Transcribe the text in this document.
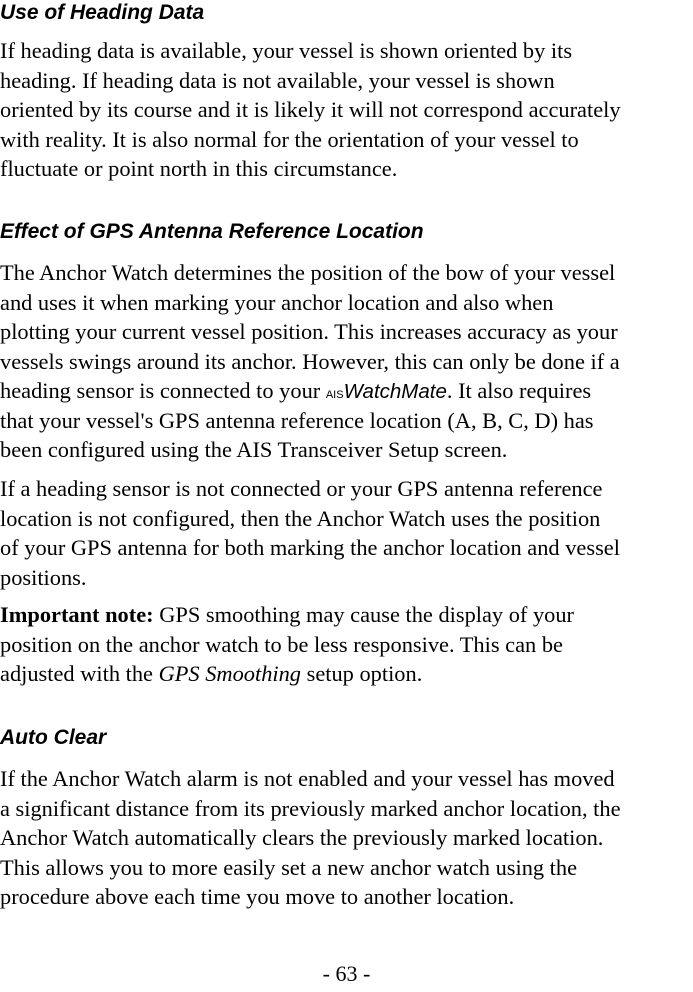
Use of Heading Data

If heading data is available, your vessel is shown oriented by its
heading. If heading data is not available, your vessel is shown
oriented by its course and it is likely it will not correspond accurately
with reality. It is also normal for the orientation of your vessel to
fluctuate or point north in this circumstance.

Effect of GPS Antenna Reference Location

The Anchor Watch determines the position of the bow of your vessel
and uses it when marking your anchor location and also when
plotting your current vessel position. This increases accuracy as your
vessels swings around its anchor. However, this can only be done if a
heading sensor is connected to your AISWatchMate. It also requires
that your vessel's GPS antenna reference location (A, B, C, D) has
been configured using the AIS Transceiver Setup screen.

If a heading sensor is not connected or your GPS antenna reference
location is not configured, then the Anchor Watch uses the position
of your GPS antenna for both marking the anchor location and vessel
positions.

Important note: GPS smoothing may cause the display of your
position on the anchor watch to be less responsive. This can be
adjusted with the GPS Smoothing setup option.

Auto Clear

If the Anchor Watch alarm is not enabled and your vessel has moved
a significant distance from its previously marked anchor location, the
Anchor Watch automatically clears the previously marked location.
This allows you to more easily set a new anchor watch using the
procedure above each time you move to another location.

- 63 -
